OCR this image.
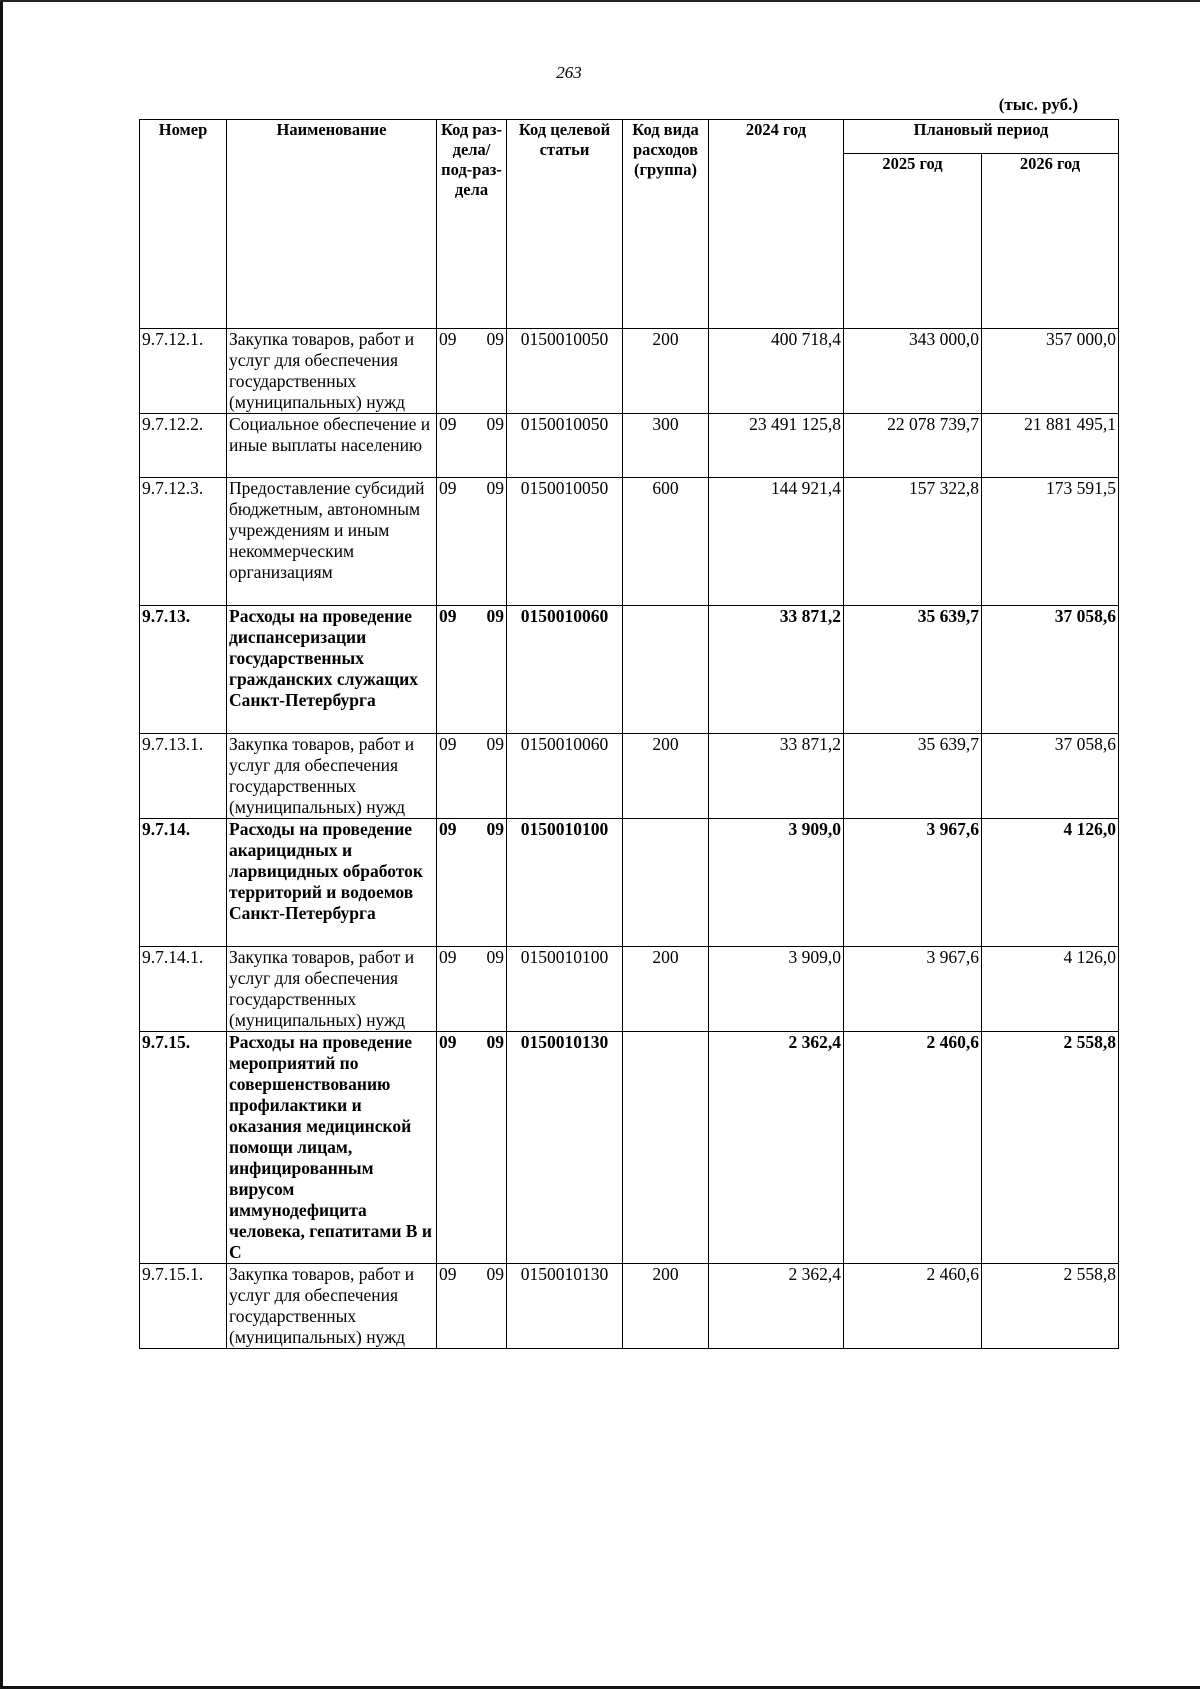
263
(тыс. руб.)
Номер	Наименование	Код раз-дела/ под-раз-дела	Код целевой статьи	Код вида расходов (группа)	2024 год	Плановый период	
						2025 год	2026 год
9.7.12.1.	Закупка товаров, работ и услуг для обеспечения государственных (муниципальных) нужд	09 09	0150010050	200	400 718,4	343 000,0	357 000,0
9.7.12.2.	Социальное обеспечение и иные выплаты населению	09 09	0150010050	300	23 491 125,8	22 078 739,7	21 881 495,1
9.7.12.3.	Предоставление субсидий бюджетным, автономным учреждениям и иным некоммерческим организациям	09 09	0150010050	600	144 921,4	157 322,8	173 591,5
9.7.13.	Расходы на проведение диспансеризации государственных гражданских служащих Санкт-Петербурга	09 09	0150010060		33 871,2	35 639,7	37 058,6
9.7.13.1.	Закупка товаров, работ и услуг для обеспечения государственных (муниципальных) нужд	09 09	0150010060	200	33 871,2	35 639,7	37 058,6
9.7.14.	Расходы на проведение акарицидных и ларвицидных обработок территорий и водоемов Санкт-Петербурга	09 09	0150010100		3 909,0	3 967,6	4 126,0
9.7.14.1.	Закупка товаров, работ и услуг для обеспечения государственных (муниципальных) нужд	09 09	0150010100	200	3 909,0	3 967,6	4 126,0
9.7.15.	Расходы на проведение мероприятий по совершенствованию профилактики и оказания медицинской помощи лицам, инфицированным вирусом иммунодефицита человека, гепатитами В и С	09 09	0150010130		2 362,4	2 460,6	2 558,8
9.7.15.1.	Закупка товаров, работ и услуг для обеспечения государственных (муниципальных) нужд	09 09	0150010130	200	2 362,4	2 460,6	2 558,8
